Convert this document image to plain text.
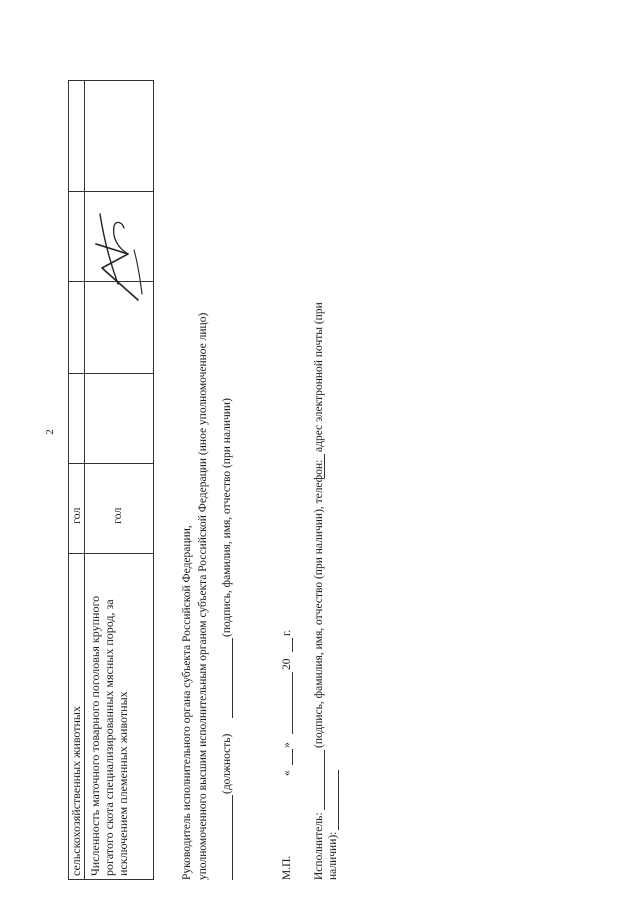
2
сельскохозяйственных животных
гол
Численность маточного товарного поголовья крупного рогатого скота специализированных мясных пород, за исключением племенных животных
гол
Руководитель исполнительного органа субъекта Российской Федерации, уполномоченного высшим исполнительным органом субъекта Российской Федерации (иное уполномоченное лицо) (должность)
(подпись, фамилия, имя, отчество (при наличии)
М.П.
«
»
20
г.
Исполнитель:
(подпись, фамилия, имя, отчество (при наличии), телефон:
адрес электронной почты (при
наличии):
